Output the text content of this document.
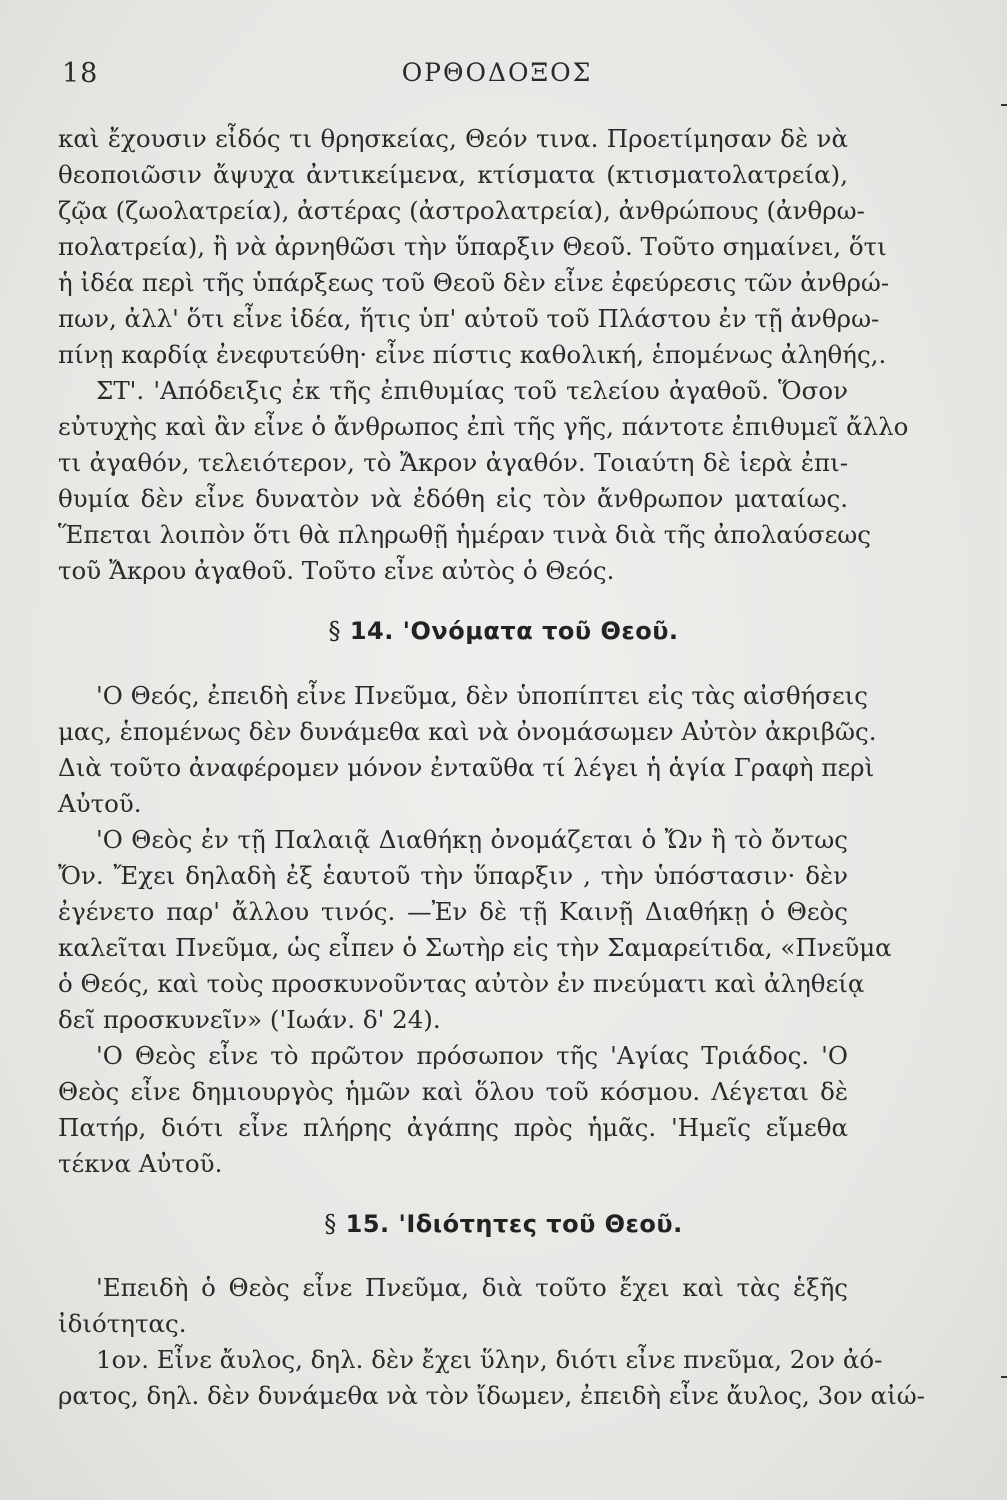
18	ΟΡΘΟΔΟΞΟΣ
καὶ ἔχουσιν εἶδός τι θρησκείας, Θεόν τινα. Προετίμησαν δὲ νὰ
θεοποιῶσιν ἄψυχα ἀντικείμενα, κτίσματα (κτισματολατρεία),
ζῷα (ζωολατρεία), ἀστέρας (ἀστρολατρεία), ἀνθρώπους (ἀνθρω-
πολατρεία), ἢ νὰ ἀρνηθῶσι τὴν ὕπαρξιν Θεοῦ. Τοῦτο σημαίνει, ὅτι
ἡ ἰδέα περὶ τῆς ὑπάρξεως τοῦ Θεοῦ δὲν εἶνε ἐφεύρεσις τῶν ἀνθρώ-
πων, ἀλλ' ὅτι εἶνε ἰδέα, ἥτις ὑπ' αὐτοῦ τοῦ Πλάστου ἐν τῇ ἀνθρω-
πίνῃ καρδίᾳ ἐνεφυτεύθη· εἶνε πίστις καθολική, ἑπομένως ἀληθής,.
ΣΤ'. 'Απόδειξις ἐκ τῆς ἐπιθυμίας τοῦ τελείου ἀγαθοῦ. Ὅσον
εὐτυχὴς καὶ ἂν εἶνε ὁ ἄνθρωπος ἐπὶ τῆς γῆς, πάντοτε ἐπιθυμεῖ ἄλλο
τι ἀγαθόν, τελειότερον, τὸ Ἄκρον ἀγαθόν. Τοιαύτη δὲ ἱερὰ ἐπι-
θυμία δὲν εἶνε δυνατὸν νὰ ἐδόθη εἰς τὸν ἄνθρωπον ματαίως.
Ἕπεται λοιπὸν ὅτι θὰ πληρωθῇ ἡμέραν τινὰ διὰ τῆς ἀπολαύσεως
τοῦ Ἄκρου ἀγαθοῦ. Τοῦτο εἶνε αὐτὸς ὁ Θεός.
§ 14. 'Ονόματα τοῦ Θεοῦ.
'Ο Θεός, ἐπειδὴ εἶνε Πνεῦμα, δὲν ὑποπίπτει εἰς τὰς αἰσθήσεις
μας, ἑπομένως δὲν δυνάμεθα καὶ νὰ ὀνομάσωμεν Αὐτὸν ἀκριβῶς.
Διὰ τοῦτο ἀναφέρομεν μόνον ἐνταῦθα τί λέγει ἡ ἁγία Γραφὴ περὶ
Αὐτοῦ.
'Ο Θεὸς ἐν τῇ Παλαιᾷ Διαθήκῃ ὀνομάζεται ὁ Ὤν ἢ τὸ ὄντως
Ὄν. Ἔχει δηλαδὴ ἐξ ἑαυτοῦ τὴν ὕπαρξιν , τὴν ὑπόστασιν· δὲν
ἐγένετο παρ' ἄλλου τινός. —Ἐν δὲ τῇ Καινῇ Διαθήκῃ ὁ Θεὸς
καλεῖται Πνεῦμα, ὡς εἶπεν ὁ Σωτὴρ εἰς τὴν Σαμαρείτιδα, «Πνεῦμα
ὁ Θεός, καὶ τοὺς προσκυνοῦντας αὐτὸν ἐν πνεύματι καὶ ἀληθείᾳ
δεῖ προσκυνεῖν» ('Ιωάν. δ' 24).
'Ο Θεὸς εἶνε τὸ πρῶτον πρόσωπον τῆς 'Αγίας Τριάδος. 'Ο
Θεὸς εἶνε δημιουργὸς ἡμῶν καὶ ὅλου τοῦ κόσμου. Λέγεται δὲ
Πατήρ, διότι εἶνε πλήρης ἀγάπης πρὸς ἡμᾶς. 'Ημεῖς εἴμεθα
τέκνα Αὐτοῦ.
§ 15. 'Ιδιότητες τοῦ Θεοῦ.
'Επειδὴ ὁ Θεὸς εἶνε Πνεῦμα, διὰ τοῦτο ἔχει καὶ τὰς ἑξῆς
ἰδιότητας.
1ον. Εἶνε ἄυλος, δηλ. δὲν ἔχει ὕλην, διότι εἶνε πνεῦμα, 2ον ἀό-
ρατος, δηλ. δὲν δυνάμεθα νὰ τὸν ἴδωμεν, ἐπειδὴ εἶνε ἄυλος, 3ον αἰώ-
